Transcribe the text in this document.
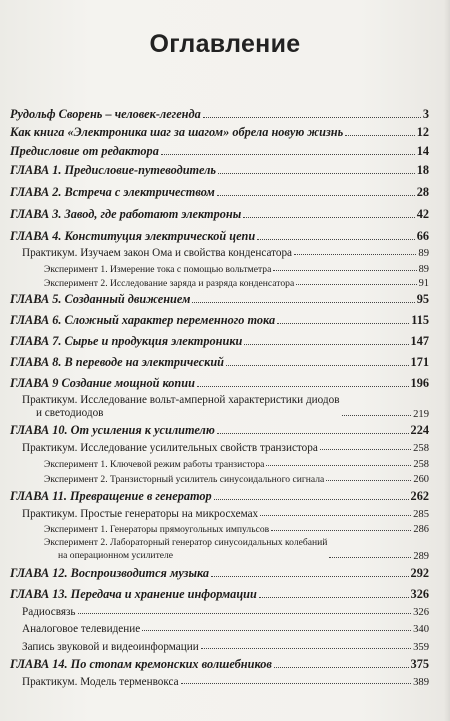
Оглавление
Рудольф Сворень – человек-легенда	3
Как книга «Электроника шаг за шагом» обрела новую жизнь	12
Предисловие от редактора	14
ГЛАВА 1. Предисловие-путеводитель	18
ГЛАВА 2. Встреча с электричеством	28
ГЛАВА 3. Завод, где работают электроны	42
ГЛАВА 4. Конституция электрической цепи	66
Практикум. Изучаем закон Ома и свойства конденсатора	89
Эксперимент 1. Измерение тока с помощью вольтметра	89
Эксперимент 2. Исследование заряда и разряда конденсатора	91
ГЛАВА 5. Созданный движением	95
ГЛАВА 6. Сложный характер переменного тока	115
ГЛАВА 7. Сырье и продукция электроники	147
ГЛАВА 8. В переводе на электрический	171
ГЛАВА 9 Создание мощной копии	196
Практикум. Исследование вольт-амперной характеристики диодов
и светодиодов	219
ГЛАВА 10. От усиления к усилителю	224
Практикум. Исследование усилительных свойств транзистора	258
Эксперимент 1. Ключевой режим работы транзистора	258
Эксперимент 2. Транзисторный усилитель синусоидального сигнала	260
ГЛАВА 11. Превращение в генератор	262
Практикум. Простые генераторы на микросхемах	285
Эксперимент 1. Генераторы прямоугольных импульсов	286
Эксперимент 2. Лабораторный генератор синусоидальных колебаний
на операционном усилителе	289
ГЛАВА 12. Воспроизводится музыка	292
ГЛАВА 13. Передача и хранение информации	326
Радиосвязь	326
Аналоговое телевидение	340
Запись звуковой и видеоинформации	359
ГЛАВА 14. По стопам кремонских волшебников	375
Практикум. Модель терменвокса	389
